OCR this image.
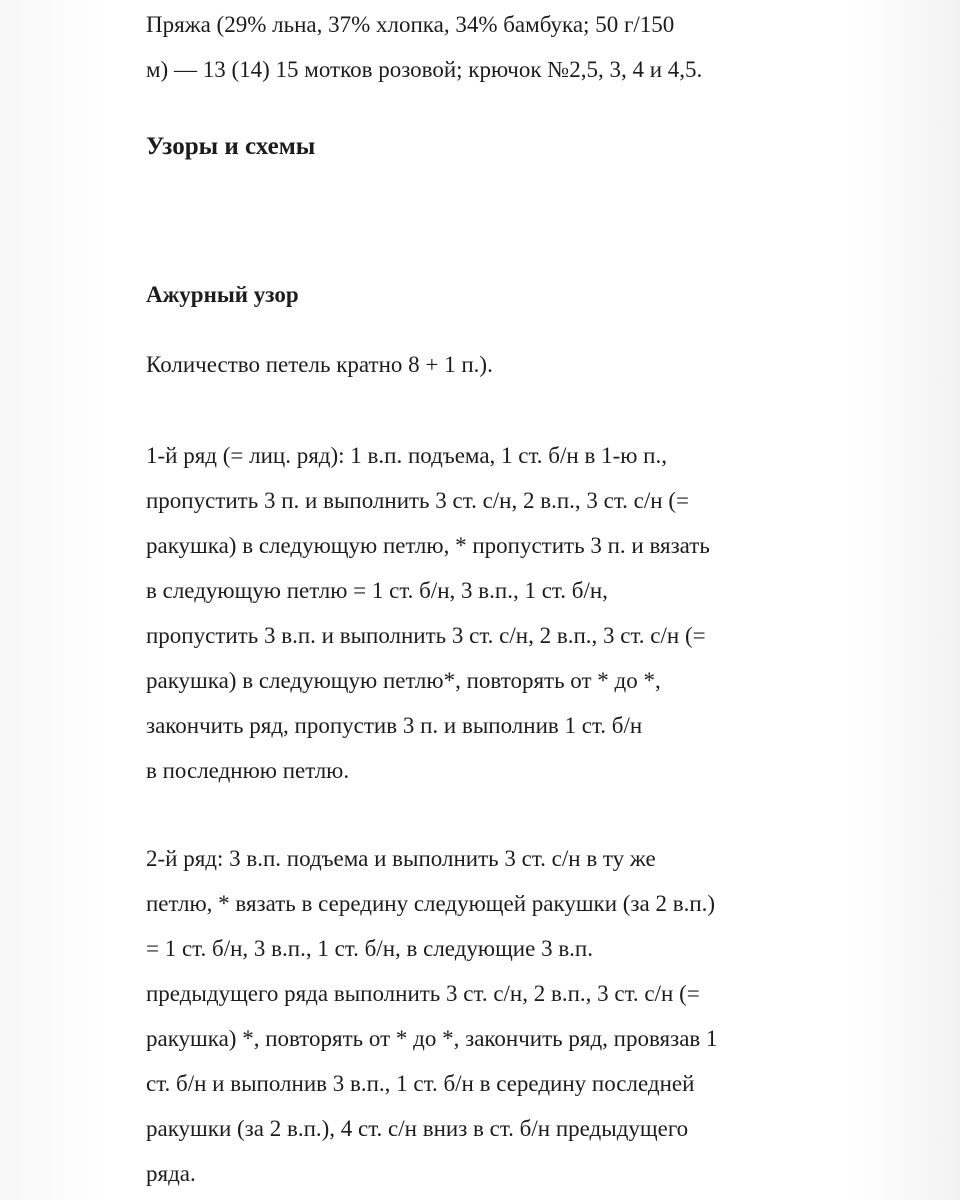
Пряжа (29% льна, 37% хлопка, 34% бамбука; 50 г/150
м) — 13 (14) 15 мотков розовой; крючок №2,5, 3, 4 и 4,5.
Узоры и схемы
Ажурный узор
Количество петель кратно 8 + 1 п.).
1-й ряд (= лиц. ряд): 1 в.п. подъема, 1 ст. б/н в 1-ю п.,
пропустить 3 п. и выполнить 3 ст. с/н, 2 в.п., 3 ст. с/н (=
ракушка) в следующую петлю, * пропустить 3 п. и вязать
в следующую петлю = 1 ст. б/н, 3 в.п., 1 ст. б/н,
пропустить 3 в.п. и выполнить 3 ст. с/н, 2 в.п., 3 ст. с/н (=
ракушка) в следующую петлю*, повторять от * до *,
закончить ряд, пропустив 3 п. и выполнив 1 ст. б/н
в последнюю петлю.
2-й ряд: 3 в.п. подъема и выполнить 3 ст. с/н в ту же
петлю, * вязать в середину следующей ракушки (за 2 в.п.)
= 1 ст. б/н, 3 в.п., 1 ст. б/н, в следующие 3 в.п.
предыдущего ряда выполнить 3 ст. с/н, 2 в.п., 3 ст. с/н (=
ракушка) *, повторять от * до *, закончить ряд, провязав 1
ст. б/н и выполнив 3 в.п., 1 ст. б/н в середину последней
ракушки (за 2 в.п.), 4 ст. с/н вниз в ст. б/н предыдущего
ряда.
